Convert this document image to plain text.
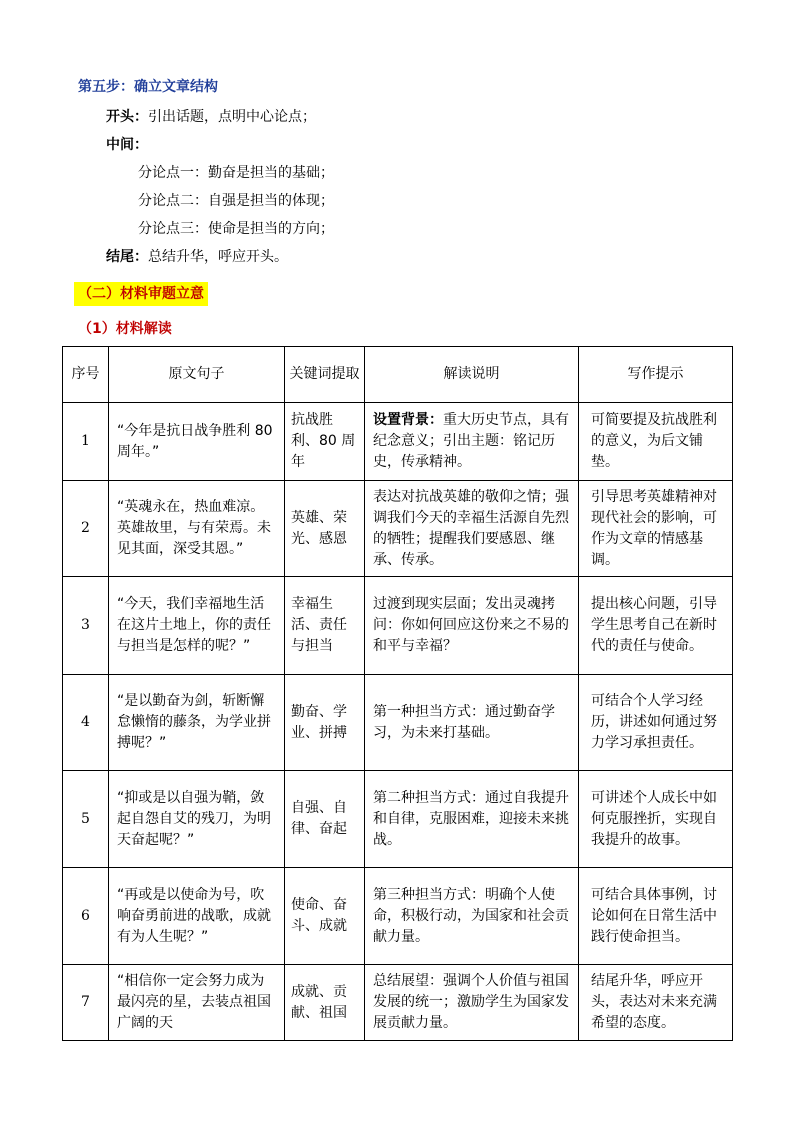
第五步：确立文章结构
开头：引出话题，点明中心论点；
中间：
分论点一：勤奋是担当的基础；
分论点二：自强是担当的体现；
分论点三：使命是担当的方向；
结尾：总结升华，呼应开头。
（二）材料审题立意
（1）材料解读
序号	原文句子	关键词提取	解读说明	写作提示
1	“今年是抗日战争胜利 80周年。”	抗战胜利、80 周年	设置背景：重大历史节点，具有纪念意义；引出主题：铭记历史，传承精神。	可简要提及抗战胜利的意义，为后文铺垫。
2	“英魂永在，热血难凉。英雄故里，与有荣焉。未见其面，深受其恩。”	英雄、荣光、感恩	表达对抗战英雄的敬仰之情；强调我们今天的幸福生活源自先烈的牺牲；提醒我们要感恩、继承、传承。	引导思考英雄精神对现代社会的影响，可作为文章的情感基调。
3	“今天，我们幸福地生活在这片土地上，你的责任与担当是怎样的呢？”	幸福生活、责任与担当	过渡到现实层面；发出灵魂拷问：你如何回应这份来之不易的和平与幸福？	提出核心问题，引导学生思考自己在新时代的责任与使命。
4	“是以勤奋为剑，斩断懈怠懒惰的藤条，为学业拼搏呢？”	勤奋、学业、拼搏	第一种担当方式：通过勤奋学习，为未来打基础。	可结合个人学习经历，讲述如何通过努力学习承担责任。
5	“抑或是以自强为鞘，敛起自怨自艾的残刀，为明天奋起呢？”	自强、自律、奋起	第二种担当方式：通过自我提升和自律，克服困难，迎接未来挑战。	可讲述个人成长中如何克服挫折，实现自我提升的故事。
6	“再或是以使命为号，吹响奋勇前进的战歌，成就有为人生呢？”	使命、奋斗、成就	第三种担当方式：明确个人使命，积极行动，为国家和社会贡献力量。	可结合具体事例，讨论如何在日常生活中践行使命担当。
7	“相信你一定会努力成为最闪亮的星，去装点祖国广阔的天	成就、贡献、祖国	总结展望：强调个人价值与祖国发展的统一；激励学生为国家发展贡献力量。	结尾升华，呼应开头，表达对未来充满希望的态度。
